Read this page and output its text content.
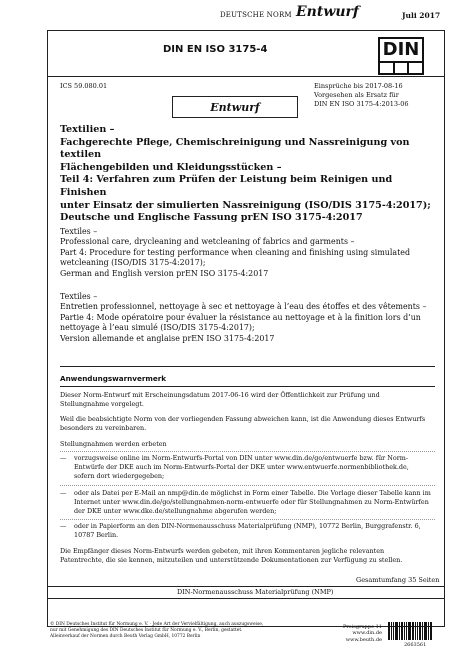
DEUTSCHE NORM Entwurf	Juli 2017
DIN EN ISO 3175-4	DIN
ICS 59.080.01	Einsprüche bis 2017-08-16
Vorgesehen als Ersatz für
DIN EN ISO 3175-4:2013-06
Entwurf
Textilien –
Fachgerechte Pflege, Chemischreinigung und Nassreinigung von textilen
Flächengebilden und Kleidungsstücken –
Teil 4: Verfahren zum Prüfen der Leistung beim Reinigen und Finishen
unter Einsatz der simulierten Nassreinigung (ISO/DIS 3175-4:2017);
Deutsche und Englische Fassung prEN ISO 3175-4:2017
Textiles –
Professional care, drycleaning and wetcleaning of fabrics and garments –
Part 4: Procedure for testing performance when cleaning and finishing using simulated
wetcleaning (ISO/DIS 3175-4:2017);
German and English version prEN ISO 3175-4:2017
Textiles –
Entretien professionnel, nettoyage à sec et nettoyage à l’eau des étoffes et des vêtements –
Partie 4: Mode opératoire pour évaluer la résistance au nettoyage et à la finition lors d’un
nettoyage à l’eau simulé (ISO/DIS 3175-4:2017);
Version allemande et anglaise prEN ISO 3175-4:2017
Anwendungswarnvermerk
Dieser Norm-Entwurf mit Erscheinungsdatum 2017-06-16 wird der Öffentlichkeit zur Prüfung und
Stellungnahme vorgelegt.
Weil die beabsichtigte Norm von der vorliegenden Fassung abweichen kann, ist die Anwendung dieses Entwurfs
besonders zu vereinbaren.
Stellungnahmen werden erbeten
— vorzugsweise online im Norm-Entwurfs-Portal von DIN unter www.din.de/go/entwuerfe bzw. für Norm-
Entwürfe der DKE auch im Norm-Entwurfs-Portal der DKE unter www.entwuerfe.normenbibliothek.de,
sofern dort wiedergegeben;
— oder als Datei per E-Mail an nmp@din.de möglichst in Form einer Tabelle. Die Vorlage dieser Tabelle kann im
Internet unter www.din.de/go/stellungnahmen-norm-entwuerfe oder für Stellungnahmen zu Norm-Entwürfen
der DKE unter www.dke.de/stellungnahme abgerufen werden;
— oder in Papierform an den DIN-Normenausschuss Materialprüfung (NMP), 10772 Berlin, Burggrafenstr. 6,
10787 Berlin.
Die Empfänger dieses Norm-Entwurfs werden gebeten, mit ihren Kommentaren jegliche relevanten
Patentrechte, die sie kennen, mitzuteilen und unterstützende Dokumentationen zur Verfügung zu stellen.
Gesamtumfang 35 Seiten
DIN-Normenausschuss Materialprüfung (NMP)
© DIN Deutsches Institut für Normung e. V. · Jede Art der Vervielfältigung, auch auszugsweise,
nur mit Genehmigung des DIN Deutsches Institut für Normung e. V., Berlin, gestattet.
Alleinverkauf der Normen durch Beuth Verlag GmbH, 10772 Berlin
Preisgruppe 11
www.din.de
www.beuth.de
2663561
